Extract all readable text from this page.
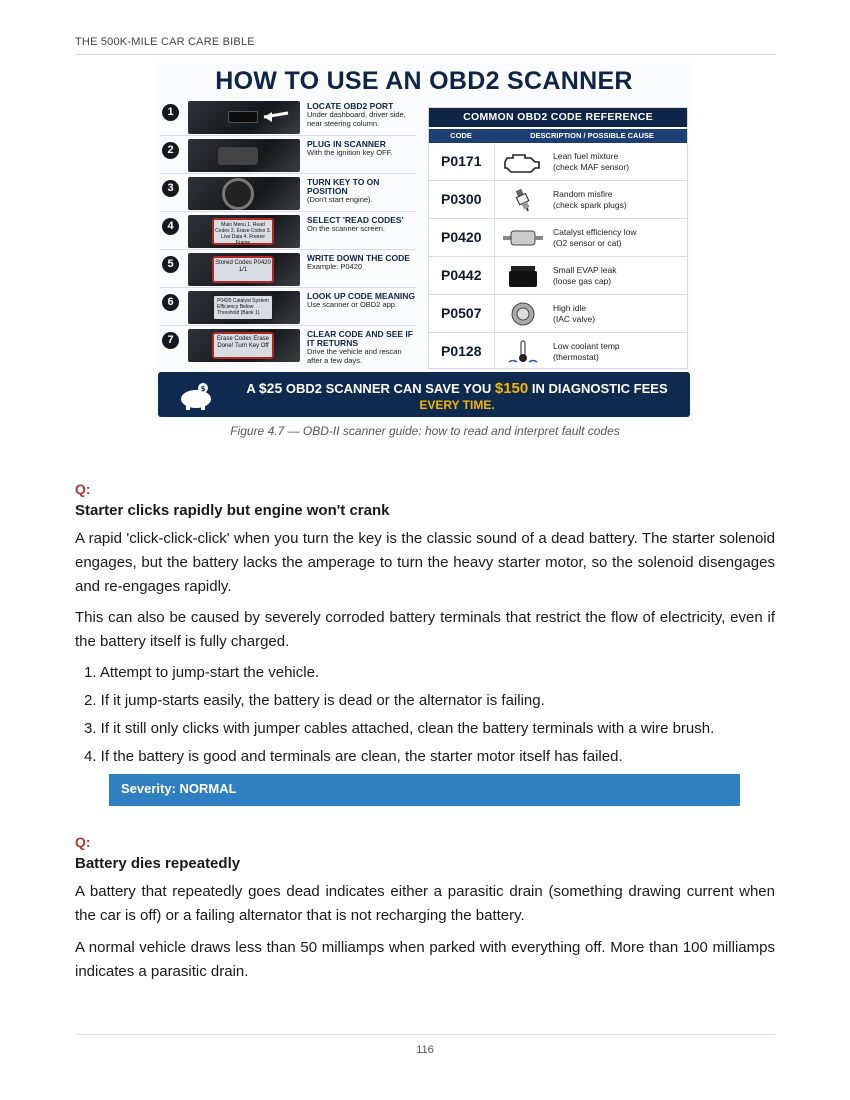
THE 500K-MILE CAR CARE BIBLE
HOW TO USE AN OBD2 SCANNER
1	LOCATE OBD2 PORT
Under dashboard, driver side, near steering column.
2	PLUG IN SCANNER
With the ignition key OFF.
3	TURN KEY TO ON POSITION
(Don't start engine).
4	Main Menu 1. Read Codes 2. Erase Codes 3. Live Data 4. Freeze Frame
SELECT 'READ CODES'
On the scanner screen.
5	Stored Codes P0420 1/1
WRITE DOWN THE CODE
Example: P0420
6	P0420 Catalyst System Efficiency Below Threshold (Bank 1)
LOOK UP CODE MEANING
Use scanner or OBD2 app.
7	Erase Codes Erase Done! Turn Key Off
CLEAR CODE AND SEE IF IT RETURNS
Drive the vehicle and rescan after a few days.
COMMON OBD2 CODE REFERENCE
CODE	DESCRIPTION / POSSIBLE CAUSE
P0171	Lean fuel mixture
(check MAF sensor)
P0300	Random misfire
(check spark plugs)
P0420	Catalyst efficiency low
(O2 sensor or cat)
P0442	Small EVAP leak
(loose gas cap)
P0507	High idle
(IAC valve)
P0128	Low coolant temp
(thermostat)
$	A $25 OBD2 SCANNER CAN SAVE YOU $150 IN DIAGNOSTIC FEES
EVERY TIME.
Figure 4.7 — OBD-II scanner guide: how to read and interpret fault codes
Q:
Starter clicks rapidly but engine won't crank

A rapid 'click-click-click' when you turn the key is the classic sound of a dead battery. The starter solenoid engages, but the battery lacks the amperage to turn the heavy starter motor, so the solenoid disengages and re-engages rapidly.

This can also be caused by severely corroded battery terminals that restrict the flow of electricity, even if the battery itself is fully charged.

1. Attempt to jump-start the vehicle.
2. If it jump-starts easily, the battery is dead or the alternator is failing.
3. If it still only clicks with jumper cables attached, clean the battery terminals with a wire brush.
4. If the battery is good and terminals are clean, the starter motor itself has failed.
Severity: NORMAL
Q:
Battery dies repeatedly

A battery that repeatedly goes dead indicates either a parasitic drain (something drawing current when the car is off) or a failing alternator that is not recharging the battery.

A normal vehicle draws less than 50 milliamps when parked with everything off. More than 100 milliamps indicates a parasitic drain.

116
